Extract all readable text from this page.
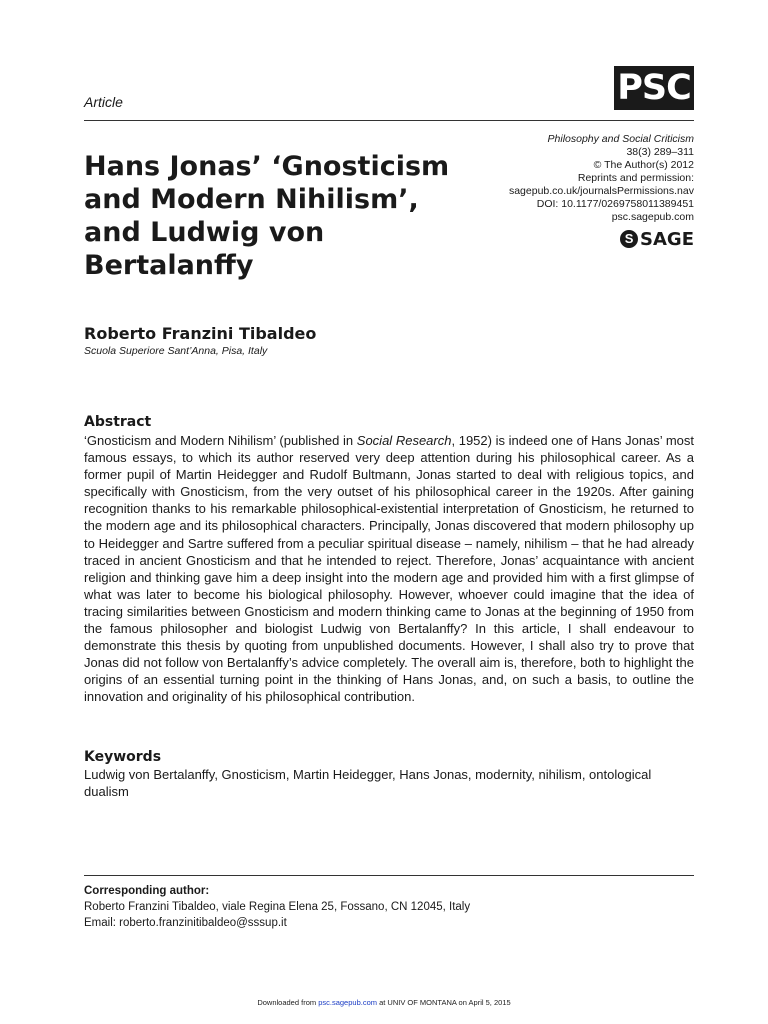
PSC
Article
Hans Jonas’ ‘Gnosticism
and Modern Nihilism’,
and Ludwig von
Bertalanffy
Philosophy and Social Criticism
38(3) 289–311
© The Author(s) 2012
Reprints and permission:
sagepub.co.uk/journalsPermissions.nav
DOI: 10.1177/0269758011389451
psc.sagepub.com
S SAGE
Roberto Franzini Tibaldeo
Scuola Superiore Sant’Anna, Pisa, Italy
Abstract
‘Gnosticism and Modern Nihilism’ (published in Social Research, 1952) is indeed one of Hans Jonas’ most famous essays, to which its author reserved very deep attention during his philosophical career. As a former pupil of Martin Heidegger and Rudolf Bultmann, Jonas started to deal with religious topics, and specifically with Gnosticism, from the very outset of his philosophical career in the 1920s. After gaining recognition thanks to his remarkable philosophical-existential interpretation of Gnosticism, he returned to the modern age and its philosophical characters. Principally, Jonas discovered that modern philosophy up to Heidegger and Sartre suffered from a peculiar spiritual disease – namely, nihilism – that he had already traced in ancient Gnosticism and that he intended to reject. Therefore, Jonas’ acquaintance with ancient religion and thinking gave him a deep insight into the modern age and provided him with a first glimpse of what was later to become his biological philosophy. However, whoever could imagine that the idea of tracing similarities between Gnosticism and modern thinking came to Jonas at the beginning of 1950 from the famous philosopher and biologist Ludwig von Bertalanffy? In this article, I shall endeavour to demonstrate this thesis by quoting from unpublished documents. However, I shall also try to prove that Jonas did not follow von Bertalanffy’s advice completely. The overall aim is, therefore, both to highlight the origins of an essential turning point in the thinking of Hans Jonas, and, on such a basis, to outline the innovation and originality of his philosophical contribution.
Keywords
Ludwig von Bertalanffy, Gnosticism, Martin Heidegger, Hans Jonas, modernity, nihilism, ontological dualism
Corresponding author:
Roberto Franzini Tibaldeo, viale Regina Elena 25, Fossano, CN 12045, Italy
Email: roberto.franzinitibaldeo@sssup.it
Downloaded from psc.sagepub.com at UNIV OF MONTANA on April 5, 2015
